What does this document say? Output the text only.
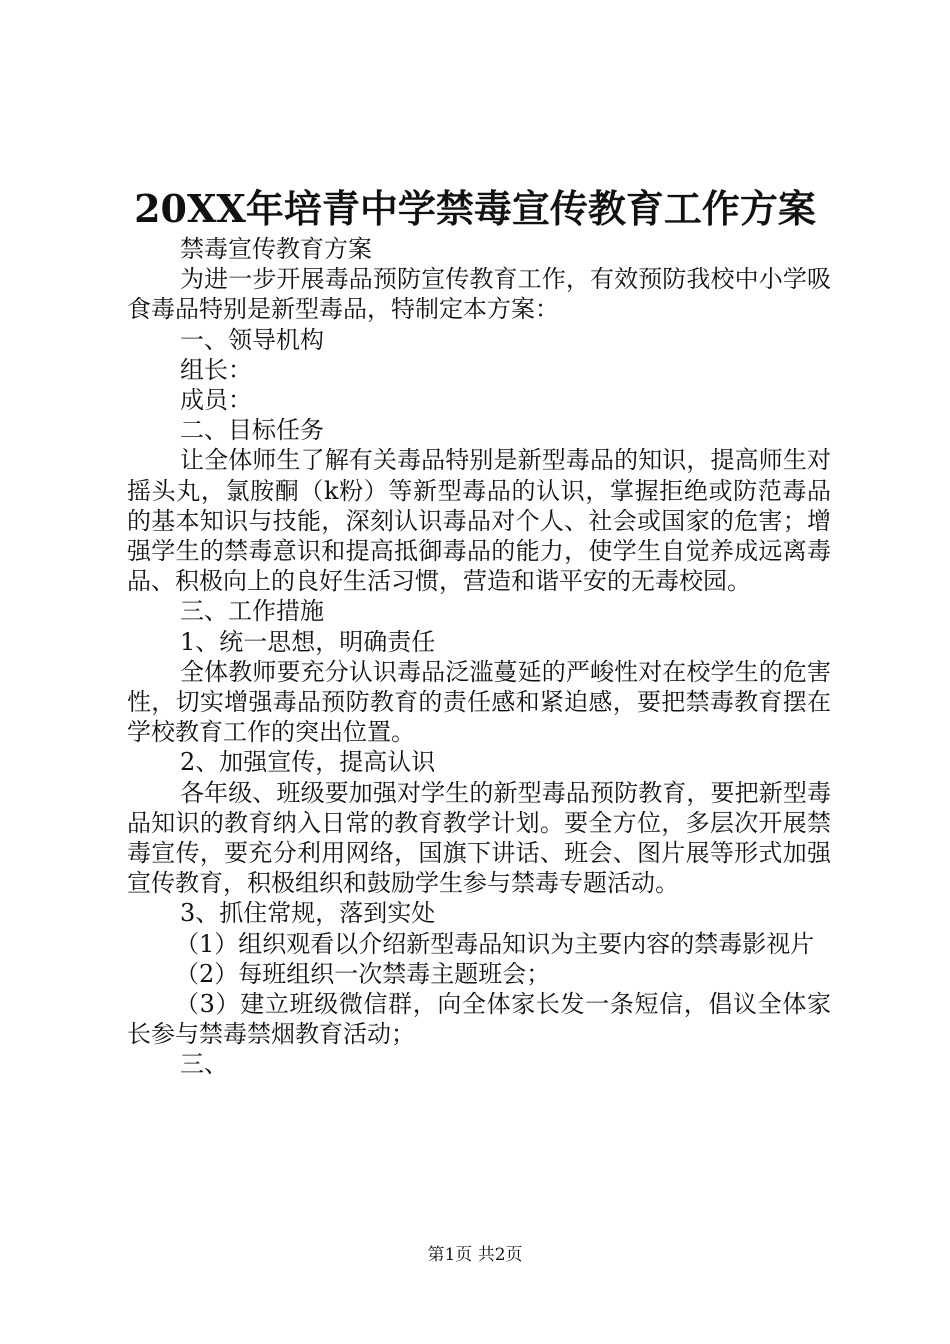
20XX年培青中学禁毒宣传教育工作方案

禁毒宣传教育方案

为进一步开展毒品预防宣传教育工作，有效预防我校中小学吸食毒品特别是新型毒品，特制定本方案：

一、领导机构

组长：

成员：

二、目标任务

让全体师生了解有关毒品特别是新型毒品的知识，提高师生对摇头丸，氯胺酮（k粉）等新型毒品的认识，掌握拒绝或防范毒品的基本知识与技能，深刻认识毒品对个人、社会或国家的危害；增强学生的禁毒意识和提高抵御毒品的能力，使学生自觉养成远离毒品、积极向上的良好生活习惯，营造和谐平安的无毒校园。

三、工作措施

1、统一思想，明确责任

全体教师要充分认识毒品泛滥蔓延的严峻性对在校学生的危害性，切实增强毒品预防教育的责任感和紧迫感，要把禁毒教育摆在学校教育工作的突出位置。

2、加强宣传，提高认识

各年级、班级要加强对学生的新型毒品预防教育，要把新型毒品知识的教育纳入日常的教育教学计划。要全方位，多层次开展禁毒宣传，要充分利用网络，国旗下讲话、班会、图片展等形式加强宣传教育，积极组织和鼓励学生参与禁毒专题活动。

3、抓住常规，落到实处

（1）组织观看以介绍新型毒品知识为主要内容的禁毒影视片

（2）每班组织一次禁毒主题班会；

（3）建立班级微信群，向全体家长发一条短信，倡议全体家长参与禁毒禁烟教育活动；

三、

第1页 共2页
